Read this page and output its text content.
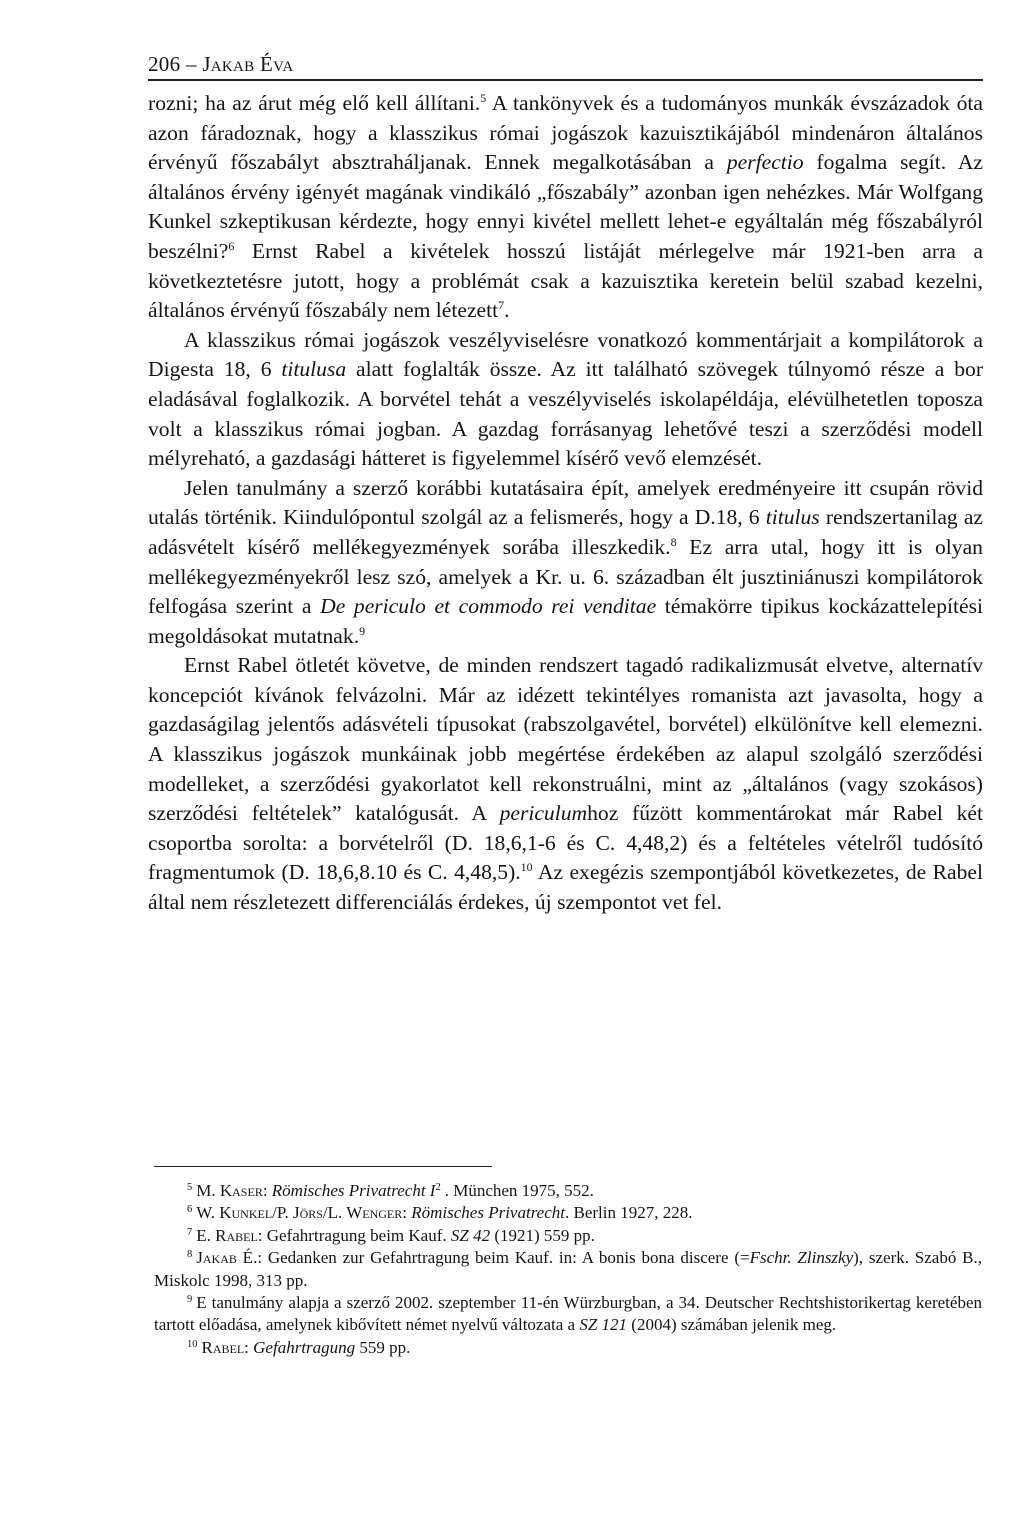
206 – Jakab Éva

rozni; ha az árut még elő kell állítani.$^5$ A tankönyvek és a tudományos munkák évszázadok óta azon fáradoznak, hogy a klasszikus római jogászok kazuisztikájából mindenáron általános érvényű főszabályt absztraháljanak. Ennek megalkotásában a perfectio fogalma segít. Az általános érvény igényét magának vindikáló „főszabály” azonban igen nehézkes. Már Wolfgang Kunkel szkeptikusan kérdezte, hogy ennyi kivétel mellett lehet-e egyáltalán még főszabályról beszélni?$^6$ Ernst Rabel a kivételek hosszú listáját mérlegelve már 1921-ben arra a következtetésre jutott, hogy a problémát csak a kazuisztika keretein belül szabad kezelni, általános érvényű főszabály nem létezett$^7$.

A klasszikus római jogászok veszélyviselésre vonatkozó kommentárjait a kompilátorok a Digesta 18, 6 titulusa alatt foglalták össze. Az itt található szövegek túlnyomó része a bor eladásával foglalkozik. A borvétel tehát a veszélyviselés iskolapéldája, elévülhetetlen toposza volt a klasszikus római jogban. A gazdag forrásanyag lehetővé teszi a szerződési modell mélyreható, a gazdasági hátteret is figyelemmel kísérő vevő elemzését.

Jelen tanulmány a szerző korábbi kutatásaira épít, amelyek eredményeire itt csupán rövid utalás történik. Kiindulópontul szolgál az a felismerés, hogy a D.18, 6 titulus rendszertanilag az adásvételt kísérő mellékegyezmények sorába illeszkedik.$^8$ Ez arra utal, hogy itt is olyan mellékegyezményekről lesz szó, amelyek a Kr. u. 6. században élt jusztiniánuszi kompilátorok felfogása szerint a De periculo et commodo rei venditae témakörre tipikus kockázattelepítési megoldásokat mutatnak.$^9$

Ernst Rabel ötletét követve, de minden rendszert tagadó radikalizmusát elvetve, alternatív koncepciót kívánok felvázolni. Már az idézett tekintélyes romanista azt javasolta, hogy a gazdaságilag jelentős adásvételi típusokat (rabszolgavétel, borvétel) elkülönítve kell elemezni. A klasszikus jogászok munkáinak jobb megértése érdekében az alapul szolgáló szerződési modelleket, a szerződési gyakorlatot kell rekonstruálni, mint az „általános (vagy szokásos) szerződési feltételek” katalógusát. A periculumhoz fűzött kommentárokat már Rabel két csoportba sorolta: a borvételről (D. 18,6,1-6 és C. 4,48,2) és a feltételes vételről tudósító fragmentumok (D. 18,6,8.10 és C. 4,48,5).$^{10}$ Az exegézis szempontjából következetes, de Rabel által nem részletezett differenciálás érdekes, új szempontot vet fel.

$^5$ M. Kaser: Römisches Privatrecht $I^2$ . München 1975, 552.

$^6$ W. Kunkel/P. Jörs/L. Wenger: Römisches Privatrecht. Berlin 1927, 228.

$^7$ E. Rabel: Gefahrtragung beim Kauf. SZ 42 (1921) 559 pp.

$^8$ Jakab É.: Gedanken zur Gefahrtragung beim Kauf. in: A bonis bona discere (=Fschr. Zlinszky), szerk. Szabó B., Miskolc 1998, 313 pp.

$^9$ E tanulmány alapja a szerző 2002. szeptember 11-én Würzburgban, a 34. Deutscher Rechtshistorikertag keretében tartott előadása, amelynek kibővített német nyelvű változata a SZ 121 (2004) számában jelenik meg.

$^{10}$ Rabel: Gefahrtragung 559 pp.
